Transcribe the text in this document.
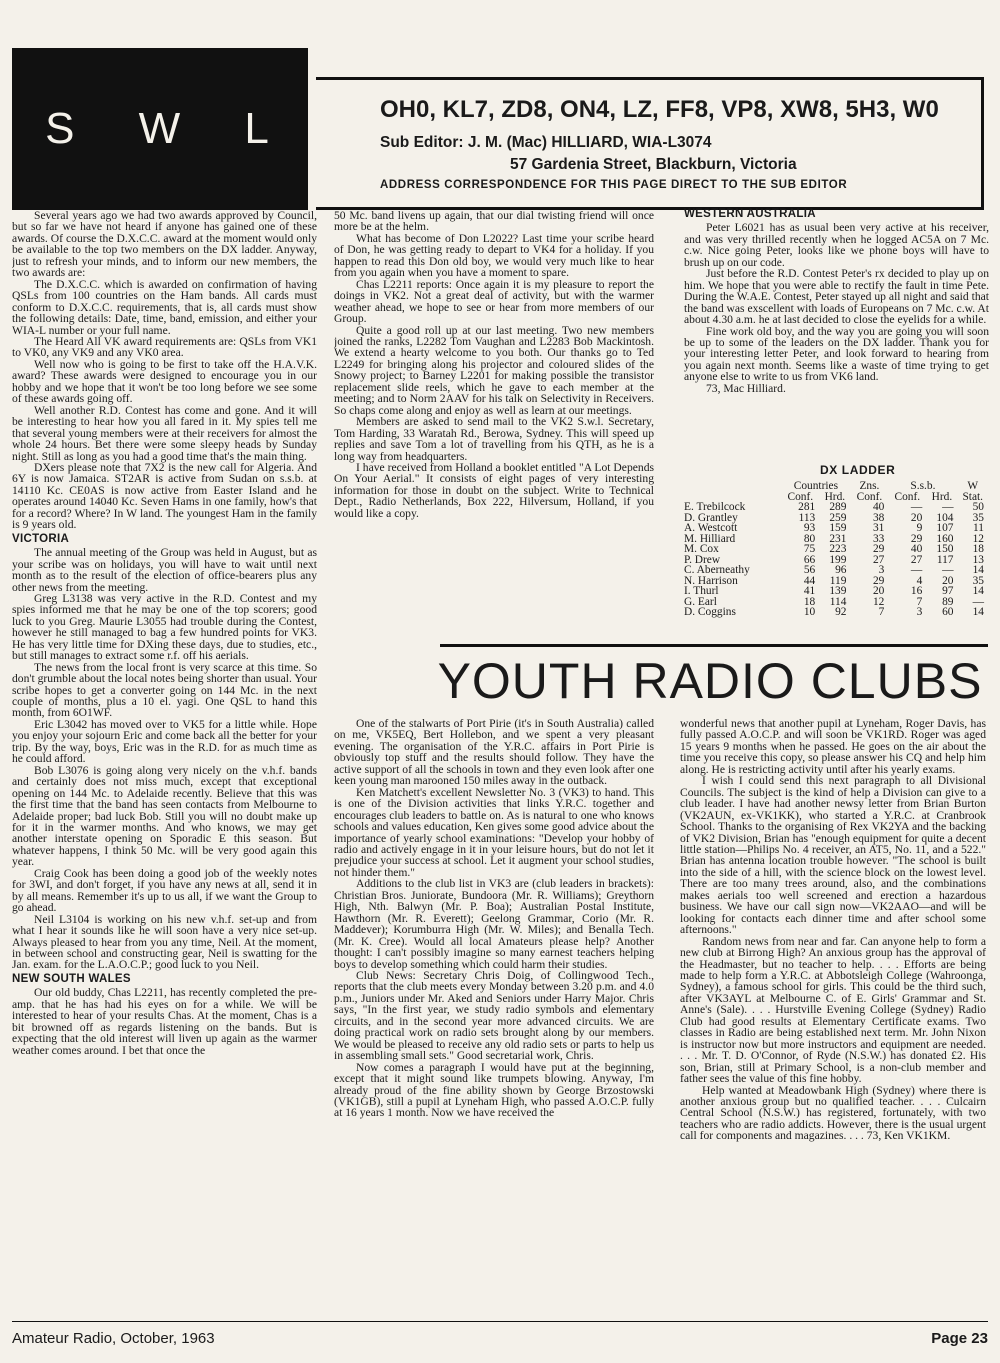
S W L	OH0, KL7, ZD8, ON4, LZ, FF8, VP8, XW8, 5H3, W0
Sub Editor: J. M. (Mac) HILLIARD, WIA-L3074
57 Gardenia Street, Blackburn, Victoria
ADDRESS CORRESPONDENCE FOR THIS PAGE DIRECT TO THE SUB EDITOR

Several years ago we had two awards approved by Council, but so far we have not heard if anyone has gained one of these awards. Of course the D.X.C.C. award at the moment would only be available to the top two members on the DX ladder. Anyway, just to refresh your minds, and to inform our new members, the two awards are:

The D.X.C.C. which is awarded on confirmation of having QSLs from 100 countries on the Ham bands. All cards must conform to D.X.C.C. requirements, that is, all cards must show the following details: Date, time, band, emission, and either your WIA-L number or your full name.

The Heard All VK award requirements are: QSLs from VK1 to VK0, any VK9 and any VK0 area.

Well now who is going to be first to take off the H.A.V.K. award? These awards were designed to encourage you in our hobby and we hope that it won't be too long before we see some of these awards going off.

Well another R.D. Contest has come and gone. And it will be interesting to hear how you all fared in it. My spies tell me that several young members were at their receivers for almost the whole 24 hours. Bet there were some sleepy heads by Sunday night. Still as long as you had a good time that's the main thing.

DXers please note that 7X2 is the new call for Algeria. And 6Y is now Jamaica. ST2AR is active from Sudan on s.s.b. at 14110 Kc. CE0AS is now active from Easter Island and he operates around 14040 Kc. Seven Hams in one family, how's that for a record? Where? In W land. The youngest Ham in the family is 9 years old.

VICTORIA

The annual meeting of the Group was held in August, but as your scribe was on holidays, you will have to wait until next month as to the result of the election of office-bearers plus any other news from the meeting.

Greg L3138 was very active in the R.D. Contest and my spies informed me that he may be one of the top scorers; good luck to you Greg. Maurie L3055 had trouble during the Contest, however he still managed to bag a few hundred points for VK3. He has very little time for DXing these days, due to studies, etc., but still manages to extract some r.f. off his aerials.

The news from the local front is very scarce at this time. So don't grumble about the local notes being shorter than usual. Your scribe hopes to get a converter going on 144 Mc. in the next couple of months, plus a 10 el. yagi. One QSL to hand this month, from 6O1WF.

Eric L3042 has moved over to VK5 for a little while. Hope you enjoy your sojourn Eric and come back all the better for your trip. By the way, boys, Eric was in the R.D. for as much time as he could afford.

Bob L3076 is going along very nicely on the v.h.f. bands and certainly does not miss much, except that exceptional opening on 144 Mc. to Adelaide recently. Believe that this was the first time that the band has seen contacts from Melbourne to Adelaide proper; bad luck Bob. Still you will no doubt make up for it in the warmer months. And who knows, we may get another interstate opening on Sporadic E this season. But whatever happens, I think 50 Mc. will be very good again this year.

Craig Cook has been doing a good job of the weekly notes for 3WI, and don't forget, if you have any news at all, send it in by all means. Remember it's up to us all, if we want the Group to go ahead.

Neil L3104 is working on his new v.h.f. set-up and from what I hear it sounds like he will soon have a very nice set-up. Always pleased to hear from you any time, Neil. At the moment, in between school and constructing gear, Neil is swatting for the Jan. exam. for the L.A.O.C.P.; good luck to you Neil.

NEW SOUTH WALES

Our old buddy, Chas L2211, has recently completed the pre-amp. that he has had his eyes on for a while. We will be interested to hear of your results Chas. At the moment, Chas is a bit browned off as regards listening on the bands. But is expecting that the old interest will liven up again as the warmer weather comes around. I bet that once the

50 Mc. band livens up again, that our dial twisting friend will once more be at the helm.

What has become of Don L2022? Last time your scribe heard of Don, he was getting ready to depart to VK4 for a holiday. If you happen to read this Don old boy, we would very much like to hear from you again when you have a moment to spare.

Chas L2211 reports: Once again it is my pleasure to report the doings in VK2. Not a great deal of activity, but with the warmer weather ahead, we hope to see or hear from more members of our Group.

Quite a good roll up at our last meeting. Two new members joined the ranks, L2282 Tom Vaughan and L2283 Bob Mackintosh. We extend a hearty welcome to you both. Our thanks go to Ted L2249 for bringing along his projector and coloured slides of the Snowy project; to Barney L2201 for making possible the transistor replacement slide reels, which he gave to each member at the meeting; and to Norm 2AAV for his talk on Selectivity in Receivers. So chaps come along and enjoy as well as learn at our meetings.

Members are asked to send mail to the VK2 S.w.l. Secretary, Tom Harding, 33 Waratah Rd., Berowa, Sydney. This will speed up replies and save Tom a lot of travelling from his QTH, as he is a long way from headquarters.

I have received from Holland a booklet entitled "A Lot Depends On Your Aerial." It consists of eight pages of very interesting information for those in doubt on the subject. Write to Technical Dept., Radio Netherlands, Box 222, Hilversum, Holland, if you would like a copy.

WESTERN AUSTRALIA

Peter L6021 has as usual been very active at his receiver, and was very thrilled recently when he logged AC5A on 7 Mc. c.w. Nice going Peter, looks like we phone boys will have to brush up on our code.

Just before the R.D. Contest Peter's rx decided to play up on him. We hope that you were able to rectify the fault in time Pete. During the W.A.E. Contest, Peter stayed up all night and said that the band was exscellent with loads of Europeans on 7 Mc. c.w. At about 4.30 a.m. he at last decided to close the eyelids for a while.

Fine work old boy, and the way you are going you will soon be up to some of the leaders on the DX ladder. Thank you for your interesting letter Peter, and look forward to hearing from you again next month. Seems like a waste of time trying to get anyone else to write to us from VK6 land.

73, Mac Hilliard.

DX LADDER
	Countries		Zns.	S.s.b.		W
	Conf.	Hrd.	Conf.	Conf.	Hrd.	Stat.
E. Trebilcock	281	289	40	—	—	50
D. Grantley	113	259	38	20	104	35
A. Westcott	93	159	31	9	107	11
M. Hilliard	80	231	33	29	160	12
M. Cox	75	223	29	40	150	18
P. Drew	66	199	27	27	117	13
C. Aberneathy	56	96	3	—	—	14
N. Harrison	44	119	29	4	20	35
I. Thurl	41	139	20	16	97	14
G. Earl	18	114	12	7	89	—
D. Coggins	10	92	7	3	60	14
YOUTH RADIO CLUBS

One of the stalwarts of Port Pirie (it's in South Australia) called on me, VK5EQ, Bert Hollebon, and we spent a very pleasant evening. The organisation of the Y.R.C. affairs in Port Pirie is obviously top stuff and the results should follow. They have the active support of all the schools in town and they even look after one keen young man marooned 150 miles away in the outback.

Ken Matchett's excellent Newsletter No. 3 (VK3) to hand. This is one of the Division activities that links Y.R.C. together and encourages club leaders to battle on. As is natural to one who knows schools and values education, Ken gives some good advice about the importance of yearly school examinations: "Develop your hobby of radio and actively engage in it in your leisure hours, but do not let it prejudice your success at school. Let it augment your school studies, not hinder them."

Additions to the club list in VK3 are (club leaders in brackets): Christian Bros. Juniorate, Bundoora (Mr. R. Williams); Greythorn High, Nth. Balwyn (Mr. P. Boa); Australian Postal Institute, Hawthorn (Mr. R. Everett); Geelong Grammar, Corio (Mr. R. Maddever); Korumburra High (Mr. W. Miles); and Benalla Tech. (Mr. K. Cree). Would all local Amateurs please help? Another thought: I can't possibly imagine so many earnest teachers helping boys to develop something which could harm their studies.

Club News: Secretary Chris Doig, of Collingwood Tech., reports that the club meets every Monday between 3.20 p.m. and 4.0 p.m., Juniors under Mr. Aked and Seniors under Harry Major. Chris says, "In the first year, we study radio symbols and elementary circuits, and in the second year more advanced circuits. We are doing practical work on radio sets brought along by our members. We would be pleased to receive any old radio sets or parts to help us in assembling small sets." Good secretarial work, Chris.

Now comes a paragraph I would have put at the beginning, except that it might sound like trumpets blowing. Anyway, I'm already proud of the fine ability shown by George Brzostowski (VK1GB), still a pupil at Lyneham High, who passed A.O.C.P. fully at 16 years 1 month. Now we have received the

wonderful news that another pupil at Lyneham, Roger Davis, has fully passed A.O.C.P. and will soon be VK1RD. Roger was aged 15 years 9 months when he passed. He goes on the air about the time you receive this copy, so please answer his CQ and help him along. He is restricting activity until after his yearly exams.

I wish I could send this next paragraph to all Divisional Councils. The subject is the kind of help a Division can give to a club leader. I have had another newsy letter from Brian Burton (VK2AUN, ex-VK1KK), who started a Y.R.C. at Cranbrook School. Thanks to the organising of Rex VK2YA and the backing of VK2 Division, Brian has "enough equipment for quite a decent little station—Philips No. 4 receiver, an AT5, No. 11, and a 522." Brian has antenna location trouble however. "The school is built into the side of a hill, with the science block on the lowest level. There are too many trees around, also, and the combinations makes aerials too well screened and erection a hazardous business. We have our call sign now—VK2AAO—and will be looking for contacts each dinner time and after school some afternoons."

Random news from near and far. Can anyone help to form a new club at Birrong High? An anxious group has the approval of the Headmaster, but no teacher to help. . . . Efforts are being made to help form a Y.R.C. at Abbotsleigh College (Wahroonga, Sydney), a famous school for girls. This could be the third such, after VK3AYL at Melbourne C. of E. Girls' Grammar and St. Anne's (Sale). . . . Hurstville Evening College (Sydney) Radio Club had good results at Elementary Certificate exams. Two classes in Radio are being established next term. Mr. John Nixon is instructor now but more instructors and equipment are needed. . . . Mr. T. D. O'Connor, of Ryde (N.S.W.) has donated £2. His son, Brian, still at Primary School, is a non-club member and father sees the value of this fine hobby.

Help wanted at Meadowbank High (Sydney) where there is another anxious group but no qualified teacher. . . . Culcairn Central School (N.S.W.) has registered, fortunately, with two teachers who are radio addicts. However, there is the usual urgent call for components and magazines. . . . 73, Ken VK1KM.

Amateur Radio, October, 1963	Page 23
